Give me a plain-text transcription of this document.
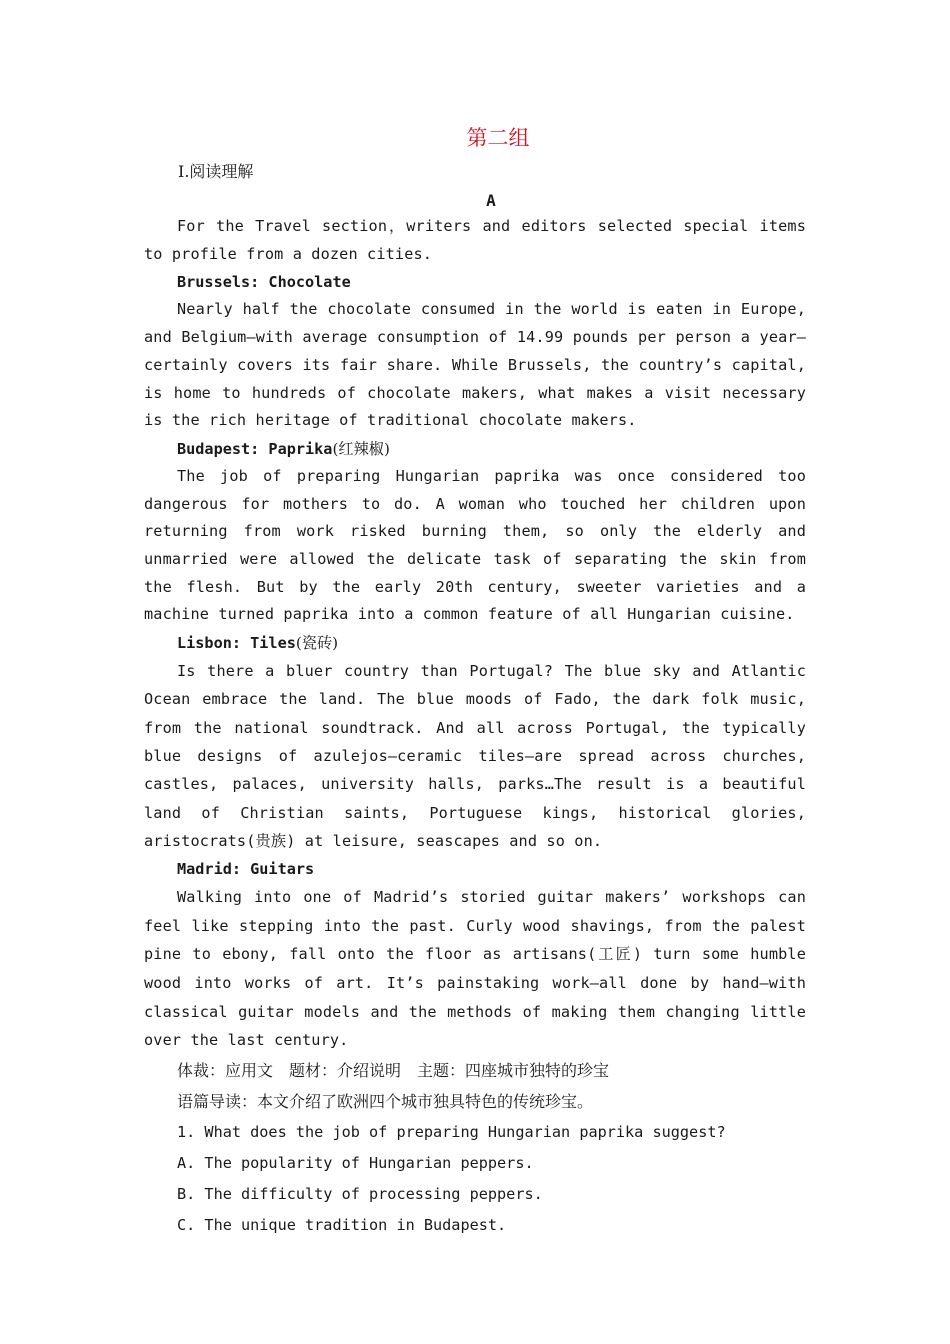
第二组
Ⅰ.阅读理解
A

For the Travel section，writers and editors selected special items to profile from a dozen cities.

Brussels: Chocolate

Nearly half the chocolate consumed in the world is eaten in Europe, and Belgium—with average consumption of 14.99 pounds per person a year—certainly covers its fair share. While Brussels, the country’s capital, is home to hundreds of chocolate makers, what makes a visit necessary is the rich heritage of traditional chocolate makers.

Budapest: Paprika(红辣椒)

The job of preparing Hungarian paprika was once considered too dangerous for mothers to do. A woman who touched her children upon returning from work risked burning them, so only the elderly and unmarried were allowed the delicate task of separating the skin from the flesh. But by the early 20th century, sweeter varieties and a machine turned paprika into a common feature of all Hungarian cuisine.

Lisbon: Tiles(瓷砖)

Is there a bluer country than Portugal? The blue sky and Atlantic Ocean embrace the land. The blue moods of Fado, the dark folk music, from the national soundtrack. And all across Portugal, the typically blue designs of azulejos—ceramic tiles—are spread across churches, castles, palaces, university halls, parks…The result is a beautiful land of Christian saints, Portuguese kings, historical glories, aristocrats(贵族) at leisure, seascapes and so on.

Madrid: Guitars

Walking into one of Madrid’s storied guitar makers’ workshops can feel like stepping into the past. Curly wood shavings, from the palest pine to ebony, fall onto the floor as artisans(工匠) turn some humble wood into works of art. It’s painstaking work—all done by hand—with classical guitar models and the methods of making them changing little over the last century.

体裁：应用文 题材：介绍说明 主题：四座城市独特的珍宝

语篇导读：本文介绍了欧洲四个城市独具特色的传统珍宝。

1. What does the job of preparing Hungarian paprika suggest?

A. The popularity of Hungarian peppers.

B. The difficulty of processing peppers.

C. The unique tradition in Budapest.
